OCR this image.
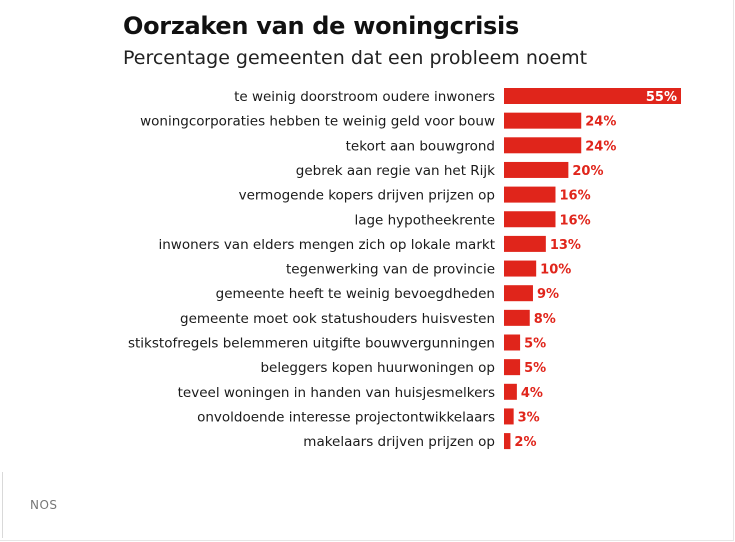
Oorzaken van de woningcrisis
Percentage gemeenten dat een probleem noemt
te weinig doorstroom oudere inwoners	55%
woningcorporaties hebben te weinig geld voor bouw	24%
tekort aan bouwgrond	24%
gebrek aan regie van het Rijk	20%
vermogende kopers drijven prijzen op	16%
lage hypotheekrente	16%
inwoners van elders mengen zich op lokale markt	13%
tegenwerking van de provincie	10%
gemeente heeft te weinig bevoegdheden	9%
gemeente moet ook statushouders huisvesten	8%
stikstofregels belemmeren uitgifte bouwvergunningen 5%
beleggers kopen huurwoningen op 5%
teveel woningen in handen van huisjesmelkers 4%
onvoldoende interesse projectontwikkelaars 3%
makelaars drijven prijzen op 2%
NOS
